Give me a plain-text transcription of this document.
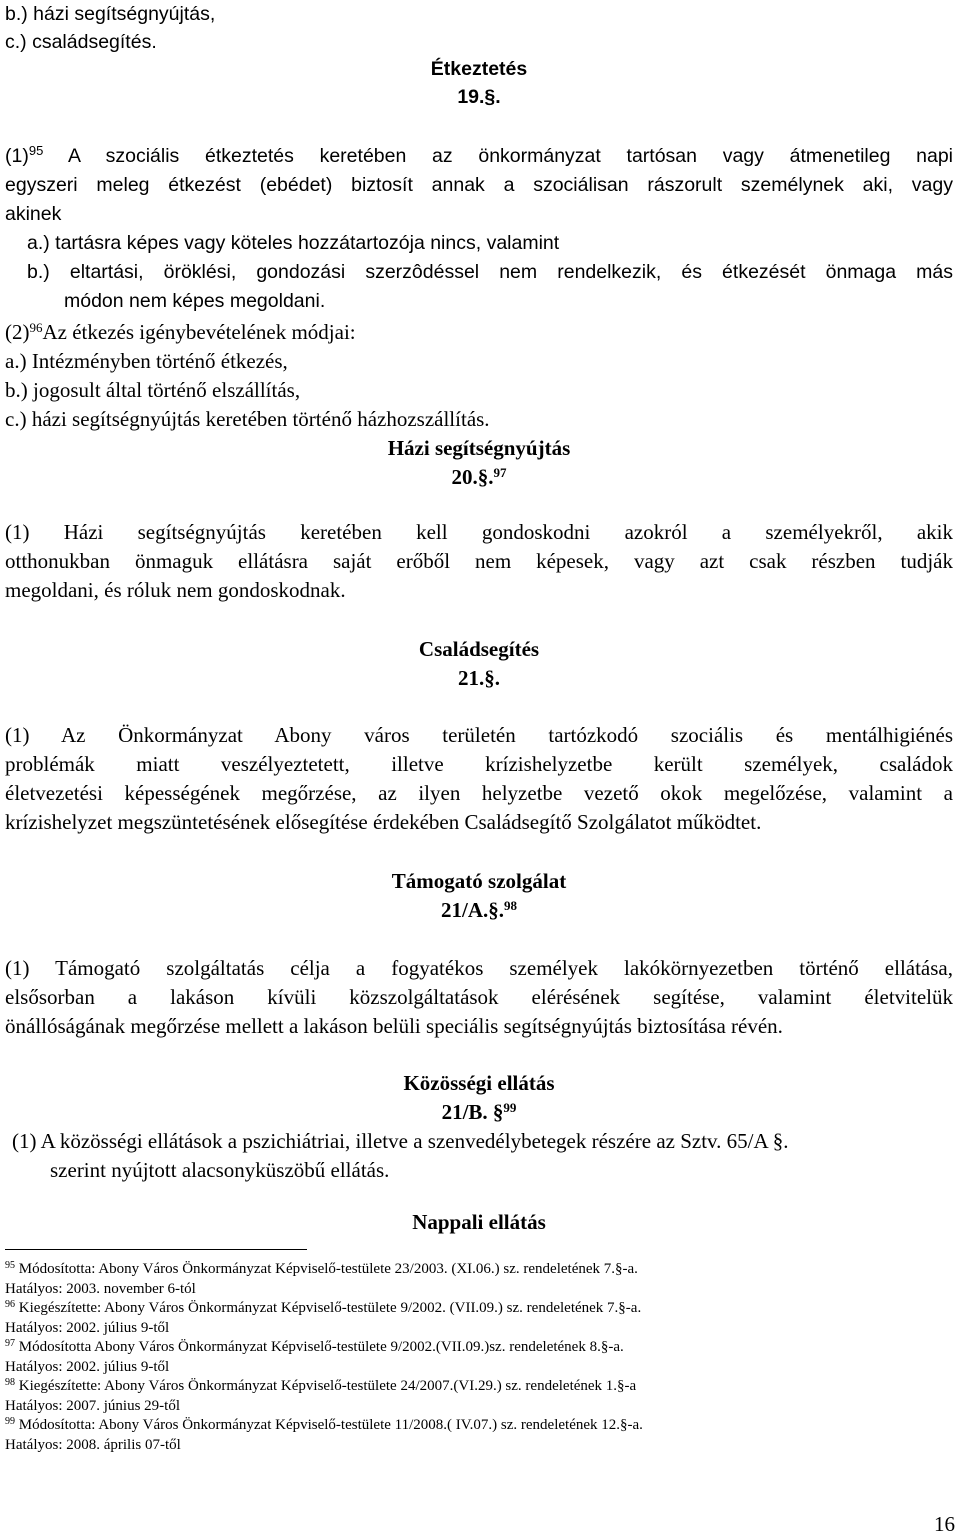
b.) házi segítségnyújtás,
c.) családsegítés.
Étkeztetés
19.§.
$(1)^{95}$ A szociális étkeztetés keretében az önkormányzat tartósan vagy átmenetileg napi
egyszeri meleg étkezést (ebédet) biztosít annak a szociálisan rászorult személynek aki, vagy
akinek
a.) tartásra képes vagy köteles hozzátartozója nincs, valamint
b.) eltartási, öröklési, gondozási szerzôdéssel nem rendelkezik, és étkezését önmaga más
módon nem képes megoldani.
$(2)^{96}Az$ étkezés igénybevételének módjai:
a.) Intézményben történő étkezés,
b.) jogosult által történő elszállítás,
c.) házi segítségnyújtás keretében történő házhozszállítás.
Házi segítségnyújtás
20.§.$^{97}$
(1) Házi segítségnyújtás keretében kell gondoskodni azokról a személyekről, akik
otthonukban önmaguk ellátásra saját erőből nem képesek, vagy azt csak részben tudják
megoldani, és róluk nem gondoskodnak.
Családsegítés
21.§.
(1) Az Önkormányzat Abony város területén tartózkodó szociális és mentálhigiénés
problémák miatt veszélyeztetett, illetve krízishelyzetbe került személyek, családok
életvezetési képességének megőrzése, az ilyen helyzetbe vezető okok megelőzése, valamint a
krízishelyzet megszüntetésének elősegítése érdekében Családsegítő Szolgálatot működtet.
Támogató szolgálat
21/A.§.$^{98}$
(1) Támogató szolgáltatás célja a fogyatékos személyek lakókörnyezetben történő ellátása,
elsősorban a lakáson kívüli közszolgáltatások elérésének segítése, valamint életvitelük
önállóságának megőrzése mellett a lakáson belüli speciális segítségnyújtás biztosítása révén.
Közösségi ellátás
21/B. §$^{99}$
(1) A közösségi ellátások a pszichiátriai, illetve a szenvedélybetegek részére az Sztv. 65/A §.
szerint nyújtott alacsonyküszöbű ellátás.
Nappali ellátás
$^{95}$ Módosította: Abony Város Önkormányzat Képviselő-testülete 23/2003. (XI.06.) sz. rendeletének 7.§-a.
Hatályos: 2003. november 6-tól
$^{96}$ Kiegészítette: Abony Város Önkormányzat Képviselő-testülete 9/2002. (VII.09.) sz. rendeletének 7.§-a.
Hatályos: 2002. július 9-től
$^{97}$ Módosította Abony Város Önkormányzat Képviselő-testülete 9/2002.(VII.09.)sz. rendeletének 8.§-a.
Hatályos: 2002. július 9-től
$^{98}$ Kiegészítette: Abony Város Önkormányzat Képviselő-testülete 24/2007.(VI.29.) sz. rendeletének 1.§-a
Hatályos: 2007. június 29-től
$^{99}$ Módosította: Abony Város Önkormányzat Képviselő-testülete 11/2008.( IV.07.) sz. rendeletének 12.§-a.
Hatályos: 2008. április 07-től
16
